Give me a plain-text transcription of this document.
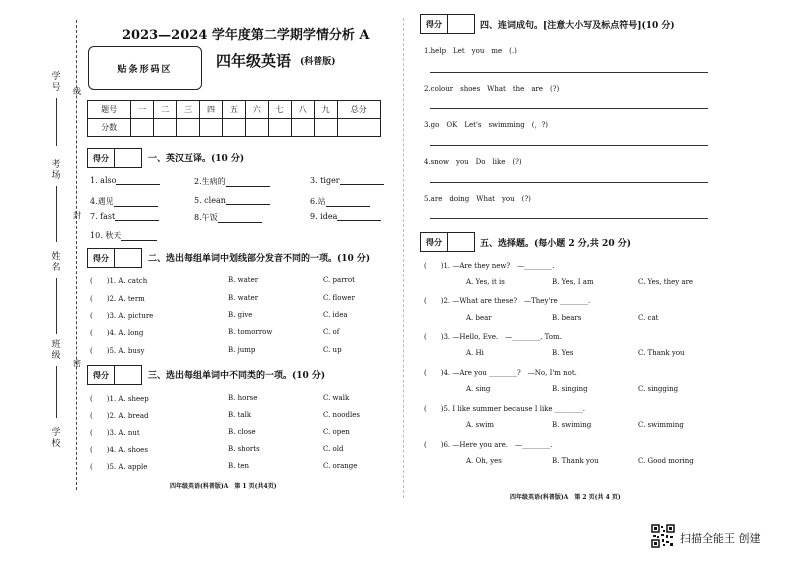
学号
考场
姓名
班级
学校
线
封
密
2023—2024 学年度第二学期学情分析 A
贴条形码区	四年级英语 (科普版)
题号	一	二	三	四	五	六	七	八	九	总分
分数										
得分	一、英汉互译。(10 分)
1. also	2.生病的	3. tiger
4.遇见	5. clean	6.站
7. fast	8.午饭	9. idea
10. 秋天
得分	二、选出每组单词中划线部分发音不同的一项。(10 分)
(　　)1. A. catch	B. water	C. parrot
(　　)2. A. term	B. water	C. flower
(　　)3. A. picture	B. give	C. idea
(　　)4. A. long	B. tomorrow	C. of
(　　)5. A. busy	B. jump	C. up
得分	三、选出每组单词中不同类的一项。(10 分)
(　　)1. A. sheep	B. horse	C. walk
(　　)2. A. bread	B. talk	C. noodles
(　　)3. A. nut	B. close	C. open
(　　)4. A. shoes	B. shorts	C. old
(　　)5. A. apple	B. ten	C. orange
四年级英语(科普版)A　第 1 页(共4页)
得分	四、连词成句。[注意大小写及标点符号](10 分)
1.help　Let　you　me　(.)
2.colour　shoes　What　the　are　(?)
3.go　OK　Let's　swimming　(，?)
4.snow　you　Do　like　(?)
5.are　doing　What　you　(?)
得分	五、选择题。(每小题 2 分,共 20 分)
(　　)1. —Are they new?　—________.
A. Yes, it is	B. Yes, I am	C. Yes, they are
(　　)2. —What are these?　—They're ________.
A. bear	B. bears	C. cat
(　　)3. —Hello, Eve.　—________, Tom.
A. Hi	B. Yes	C. Thank you
(　　)4. —Are you ________?　—No, I'm not.
A. sing	B. singing	C. singging
(　　)5. I like summer because I like ________.
A. swim	B. swiming	C. swimming
(　　)6. —Here you are.　—________.
A. Oh, yes	B. Thank you	C. Good moring
四年级英语(科普版)A　第 2 页(共 4 页)
扫描全能王 创建
